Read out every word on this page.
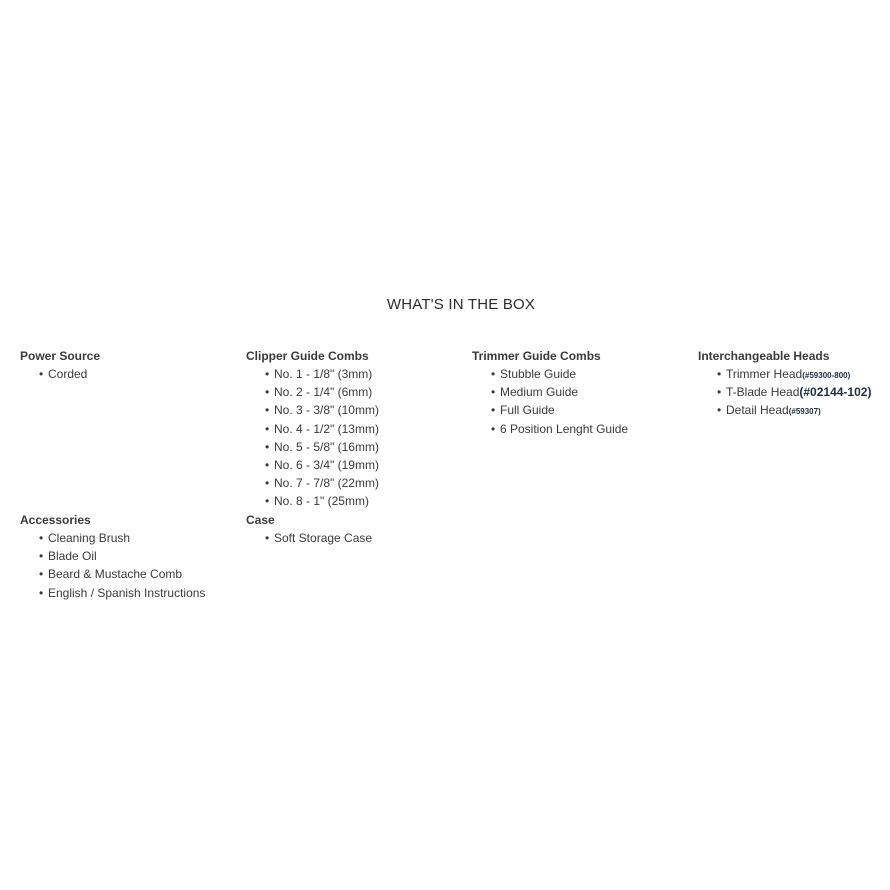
WHAT'S IN THE BOX
Power Source
• Corded
Clipper Guide Combs
• No. 1 - 1/8" (3mm)
• No. 2 - 1/4" (6mm)
• No. 3 - 3/8" (10mm)
• No. 4 - 1/2" (13mm)
• No. 5 - 5/8" (16mm)
• No. 6 - 3/4" (19mm)
• No. 7 - 7/8" (22mm)
• No. 8 - 1" (25mm)
Trimmer Guide Combs
• Stubble Guide
• Medium Guide
• Full Guide
• 6 Position Lenght Guide
Interchangeable Heads
• Trimmer Head(#59300-800)
• T-Blade Head(#02144-102)
• Detail Head(#59307)
Accessories
• Cleaning Brush
• Blade Oil
• Beard & Mustache Comb
• English / Spanish Instructions
Case
• Soft Storage Case
